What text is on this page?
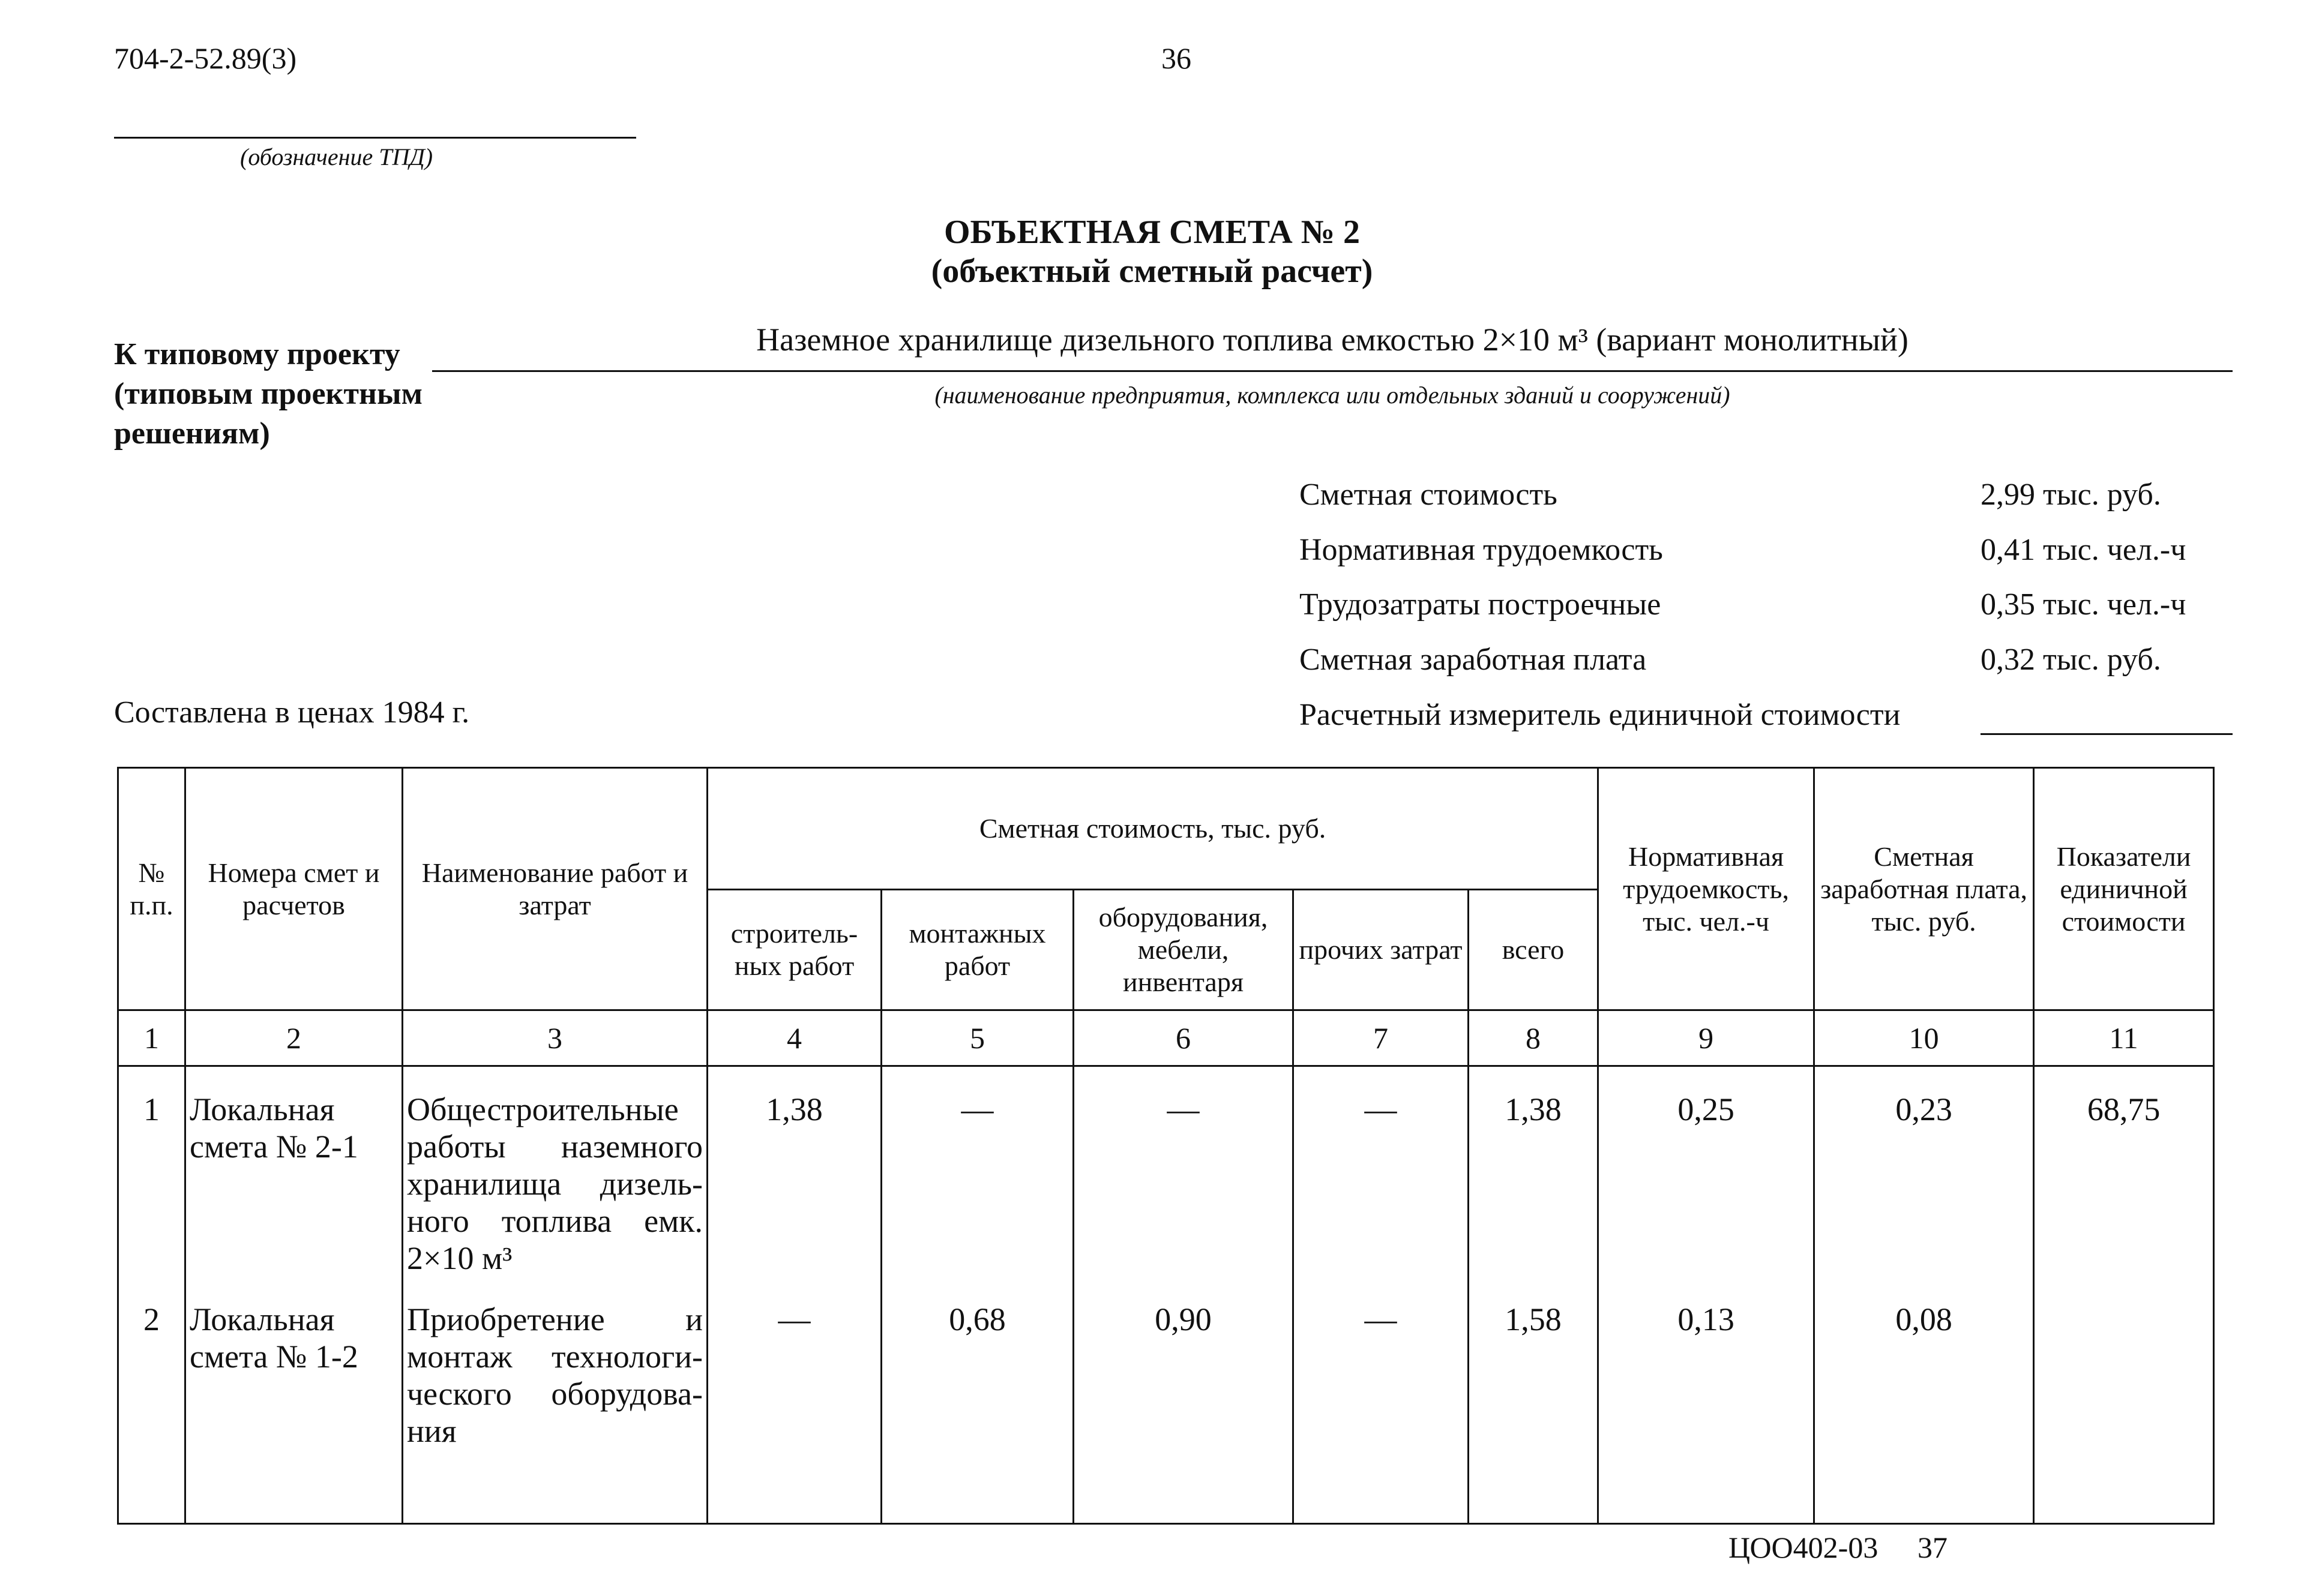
704-2-52.89(3)	36
(обозначение ТПД)
ОБЪЕКТНАЯ СМЕТА № 2
(объектный сметный расчет)
К типовому проекту (типовым проектным решениям)
Наземное хранилище дизельного топлива емкостью 2×10 м³ (вариант монолитный)
(наименование предприятия, комплекса или отдельных зданий и сооружений)
Сметная стоимость	2,99 тыс. руб.
Нормативная трудоемкость	0,41 тыс. чел.-ч
Трудозатраты построечные	0,35 тыс. чел.-ч
Сметная заработная плата	0,32 тыс. руб.
Составлена в ценах 1984 г.	Расчетный измеритель единичной стоимости
№ п.п.	Номера смет и расчетов	Наименование работ и затрат	Сметная стоимость, тыс. руб.					Нормативная трудоемкость, тыс. чел.-ч	Сметная заработная плата, тыс. руб.	Показатели единичной стоимости
			строитель-ных работ	монтажных работ	оборудования, мебели, инвентаря	прочих затрат	всего			
1	2	3	4	5	6	7	8	9	10	11
1	Локальная смета № 2-1	Общестроительные работы наземного хранилища дизель-ного топлива емк. 2×10 м³	1,38	—	—	—	1,38	0,25	0,23	68,75
2	Локальная смета № 1-2	Приобретение и монтаж технологи-ческого оборудова-ния	—	0,68	0,90	—	1,58	0,13	0,08	
ЦОО402-03 37
